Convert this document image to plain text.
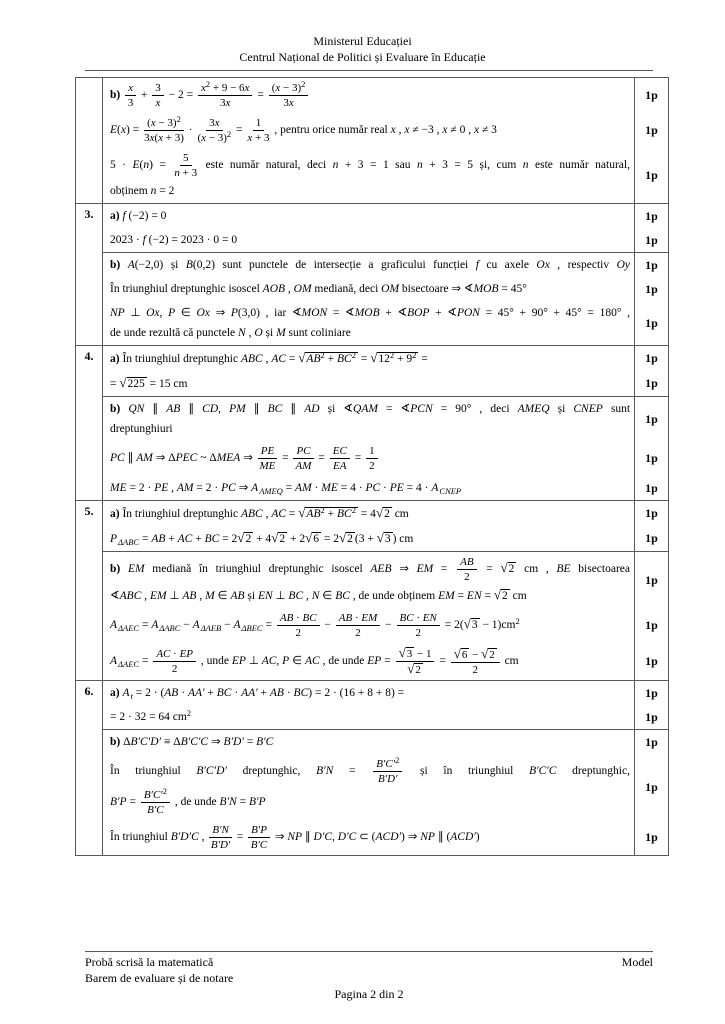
Ministerul Educației
Centrul Național de Politici și Evaluare în Educație
$b) \frac{x}{3} + \frac{3}{x} - 2 = \frac{x^2 + 9 - 6x}{3x} = \frac{(x - 3)^2}{3x}$	1p
$E(x) = \frac{(x - 3)^2}{3x(x + 3)} \cdot \frac{3x}{(x - 3)^2} = \frac{1}{x + 3}$ , pentru orice număr real x , x ≠ −3 , x ≠ 0 , x ≠ 3	1p
$5 \cdot E(n) = \frac{5}{n + 3}$ este număr natural, deci n + 3 = 1 sau n + 3 = 5 și, cum n este număr natural,
obținem n = 2
1p
3.	a) f (−2) = 0	1p
2023 · f (−2) = 2023 · 0 = 0	1p
b) A(−2,0) și B(0,2) sunt punctele de intersecție a graficului funcției f cu axele Ox , respectiv Oy	1p
În triunghiul dreptunghic isoscel AOB , OM mediană, deci OM bisectoare ⇒ ∢MOB = 45°	1p
NP ⊥ Ox, P ∈ Ox ⇒ P(3,0) , iar ∢MON = ∢MOB + ∢BOP + ∢PON = 45° + 90° + 45° = 180° ,
de unde rezultă că punctele N , O și M sunt coliniare
1p
4.	a) În triunghiul dreptunghic ABC , AC = $√AB^2 + BC^2 = √12^2 + 9^2$ =	1p
= √225 = 15 cm	1p
b) QN ∥ AB ∥ CD, PM ∥ BC ∥ AD și ∢QAM = ∢PCN = 90° , deci AMEQ și CNEP sunt
dreptunghiuri
1p
PC ∥ AM ⇒ ΔPEC ~ ΔMEA ⇒ $\frac{PE}{ME} = \frac{PC}{AM} = \frac{EC}{EA} = \frac{1}{2}$	1p
ME = 2 · PE , AM = 2 · PC ⇒ $A_{AMEQ}$ = AM · ME = 4 · PC · PE = $4 \cdot A_{CNEP}$	1p
5.	a) În triunghiul dreptunghic ABC , AC = $√AB^2 + BC^2 = 4√2$ cm	1p
$P_{\Delta ABC}$ = AB + AC + BC = 2√2 + 4√2 + 2√6 = 2√2 (3 + √3 ) cm	1p
b) EM mediană în triunghiul dreptunghic isoscel AEB ⇒ EM = $\frac{AB}{2} = √2$ cm , BE bisectoarea
∢ABC , EM ⊥ AB , M ∈ AB și EN ⊥ BC , N ∈ BC , de unde obținem EM = EN = √2 cm
1p
$A_{\Delta AEC} = A_{\Delta ABC} - A_{\Delta AEB} - A_{\Delta BEC} = \frac{AB \cdot BC}{2} - \frac{AB \cdot EM}{2} - \frac{BC \cdot EN}{2} = 2(√3 - 1)cm^2$	1p
$A_{\Delta AEC} = \frac{AC \cdot EP}{2}$ , unde EP ⊥ AC, P ∈ AC , de unde EP = $\frac{√3 - 1}{√2} = \frac{√6 - √2}{2}$ cm	1p
6.	a) $A_t = 2 \cdot (AB \cdot AA'$ + BC · AA′ + AB · BC) = 2 · (16 + 8 + 8) =	1p
= 2 · 32 = 64 $cm^2$	1p
b) ΔB′C′D′ ≡ ΔB′C′C ⇒ B′D′ = B′C	1p
În triunghiul B′C′D′ dreptunghic, $B'N = \frac{B'C'^2}{B'D'}$ și în triunghiul B′C′C dreptunghic,
$B'P = \frac{B'C'^2}{B'C}$ , de unde B′N = B′P
1p
În triunghiul B′D′C , $\frac{B'N}{B'D'} = \frac{B'P}{B'C}$ ⇒ NP ∥ D′C, D′C ⊂ (ACD′) ⇒ NP ∥ (ACD′)	1p
Probă scrisă la matematică	Model
Barem de evaluare și de notare
Pagina 2 din 2
